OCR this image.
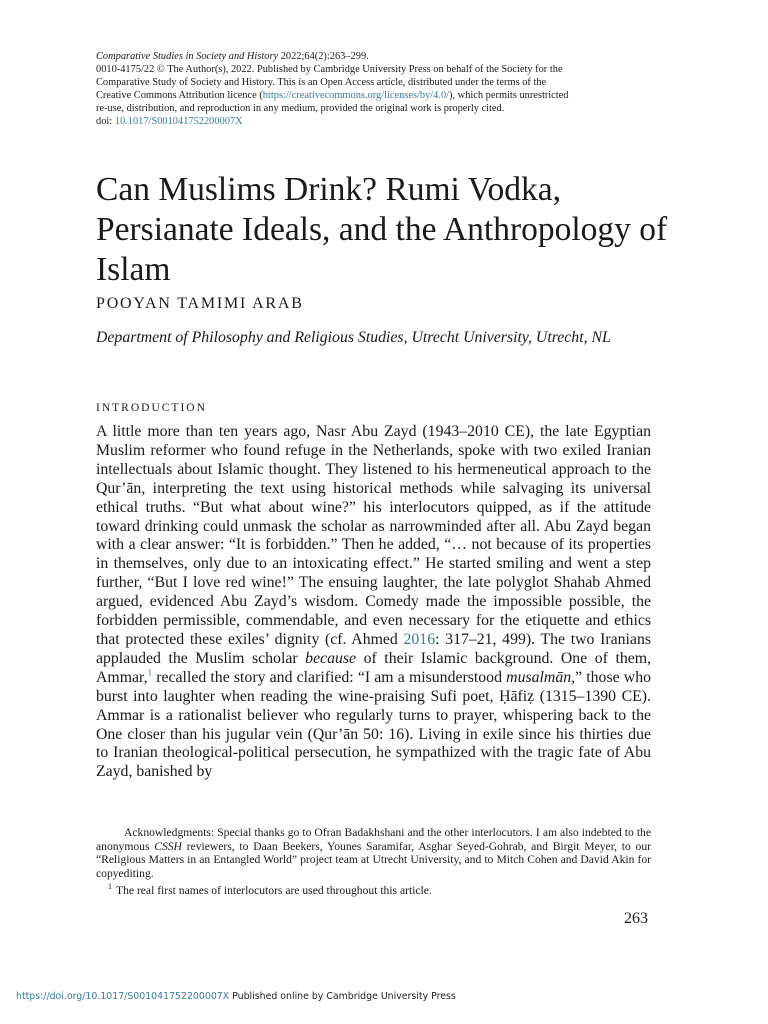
Comparative Studies in Society and History 2022;64(2):263–299.
0010-4175/22 © The Author(s), 2022. Published by Cambridge University Press on behalf of the Society for the
Comparative Study of Society and History. This is an Open Access article, distributed under the terms of the
Creative Commons Attribution licence (https://creativecommons.org/licenses/by/4.0/), which permits unrestricted
re-use, distribution, and reproduction in any medium, provided the original work is properly cited.
doi: 10.1017/S001041752200007X
Can Muslims Drink? Rumi Vodka, Persianate Ideals, and the Anthropology of Islam
POOYAN TAMIMI ARAB
Department of Philosophy and Religious Studies, Utrecht University, Utrecht, NL
INTRODUCTION

A little more than ten years ago, Nasr Abu Zayd (1943–2010 CE), the late Egyptian Muslim reformer who found refuge in the Netherlands, spoke with two exiled Iranian intellectuals about Islamic thought. They listened to his hermeneutical approach to the Qur’ān, interpreting the text using historical methods while salvaging its universal ethical truths. “But what about wine?” his interlocutors quipped, as if the attitude toward drinking could unmask the scholar as narrowminded after all. Abu Zayd began with a clear answer: “It is forbidden.” Then he added, “… not because of its properties in themselves, only due to an intoxicating effect.” He started smiling and went a step further, “But I love red wine!” The ensuing laughter, the late polyglot Shahab Ahmed argued, evidenced Abu Zayd’s wisdom. Comedy made the impossible possible, the forbidden permissible, commendable, and even necessary for the etiquette and ethics that protected these exiles’ dignity (cf. Ahmed 2016: 317–21, 499). The two Iranians applauded the Muslim scholar because of their Islamic background. One of them, Ammar,$^1$ recalled the story and clarified: “I am a misunderstood musalmān,” those who burst into laughter when reading the wine-praising Sufi poet, Ḥāfiẓ (1315–1390 CE). Ammar is a rationalist believer who regularly turns to prayer, whispering back to the One closer than his jugular vein (Qur’ān 50: 16). Living in exile since his thirties due to Iranian theological-political persecution, he sympathized with the tragic fate of Abu Zayd, banished by

Acknowledgments: Special thanks go to Ofran Badakhshani and the other interlocutors. I am also indebted to the anonymous CSSH reviewers, to Daan Beekers, Younes Saramifar, Asghar Seyed-Gohrab, and Birgit Meyer, to our “Religious Matters in an Entangled World” project team at Utrecht University, and to Mitch Cohen and David Akin for copyediting.

$^1$ The real first names of interlocutors are used throughout this article.

263
https://doi.org/10.1017/S001041752200007X Published online by Cambridge University Press
